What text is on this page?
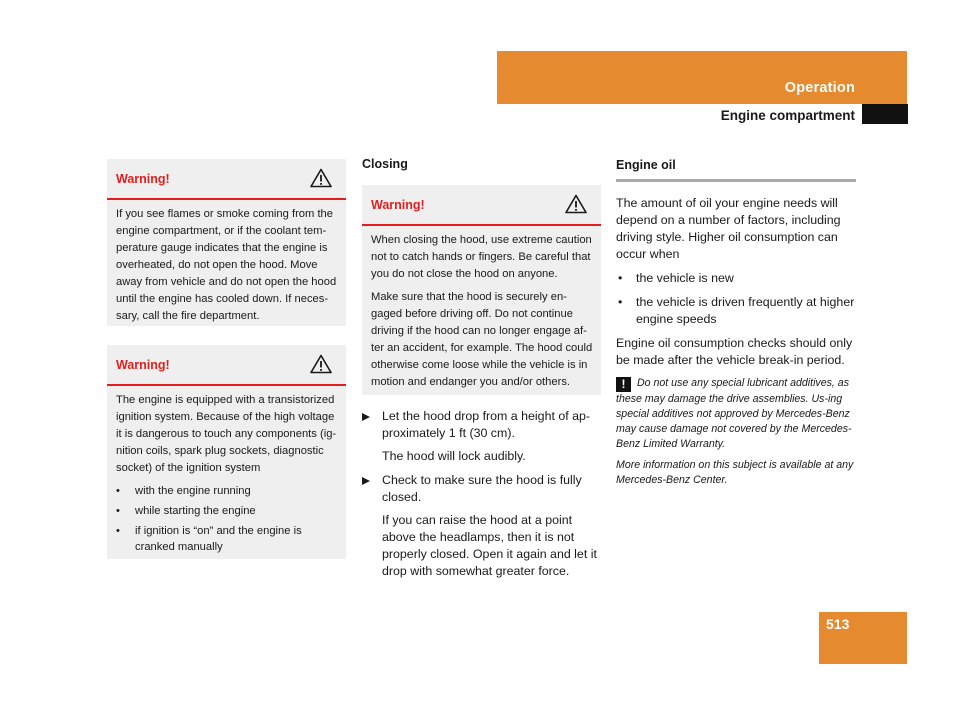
Operation
Engine compartment
Warning!

If you see flames or smoke coming from the engine compartment, or if the coolant tem-perature gauge indicates that the engine is overheated, do not open the hood. Move away from vehicle and do not open the hood until the engine has cooled down. If neces-sary, call the fire department.

Warning!

The engine is equipped with a transistorized ignition system. Because of the high voltage it is dangerous to touch any components (ig-nition coils, spark plug sockets, diagnostic socket) of the ignition system

• with the engine running
• while starting the engine
• if ignition is “on” and the engine is cranked manually
Closing
Warning!

When closing the hood, use extreme caution not to catch hands or fingers. Be careful that you do not close the hood on anyone.

Make sure that the hood is securely en-gaged before driving off. Do not continue driving if the hood can no longer engage af-ter an accident, for example. The hood could otherwise come loose while the vehicle is in motion and endanger you and/or others.

Let the hood drop from a height of ap-proximately 1 ft (30 cm).
The hood will lock audibly.
Check to make sure the hood is fully closed.
If you can raise the hood at a point above the headlamps, then it is not properly closed. Open it again and let it drop with somewhat greater force.
Engine oil

The amount of oil your engine needs will depend on a number of factors, including driving style. Higher oil consumption can occur when

• the vehicle is new
• the vehicle is driven frequently at higher engine speeds

Engine oil consumption checks should only be made after the vehicle break-in period.

! Do not use any special lubricant additives, as these may damage the drive assemblies. Us-ing special additives not approved by Mercedes-Benz may cause damage not covered by the Mercedes-Benz Limited Warranty.
More information on this subject is available at any Mercedes-Benz Center.
513
